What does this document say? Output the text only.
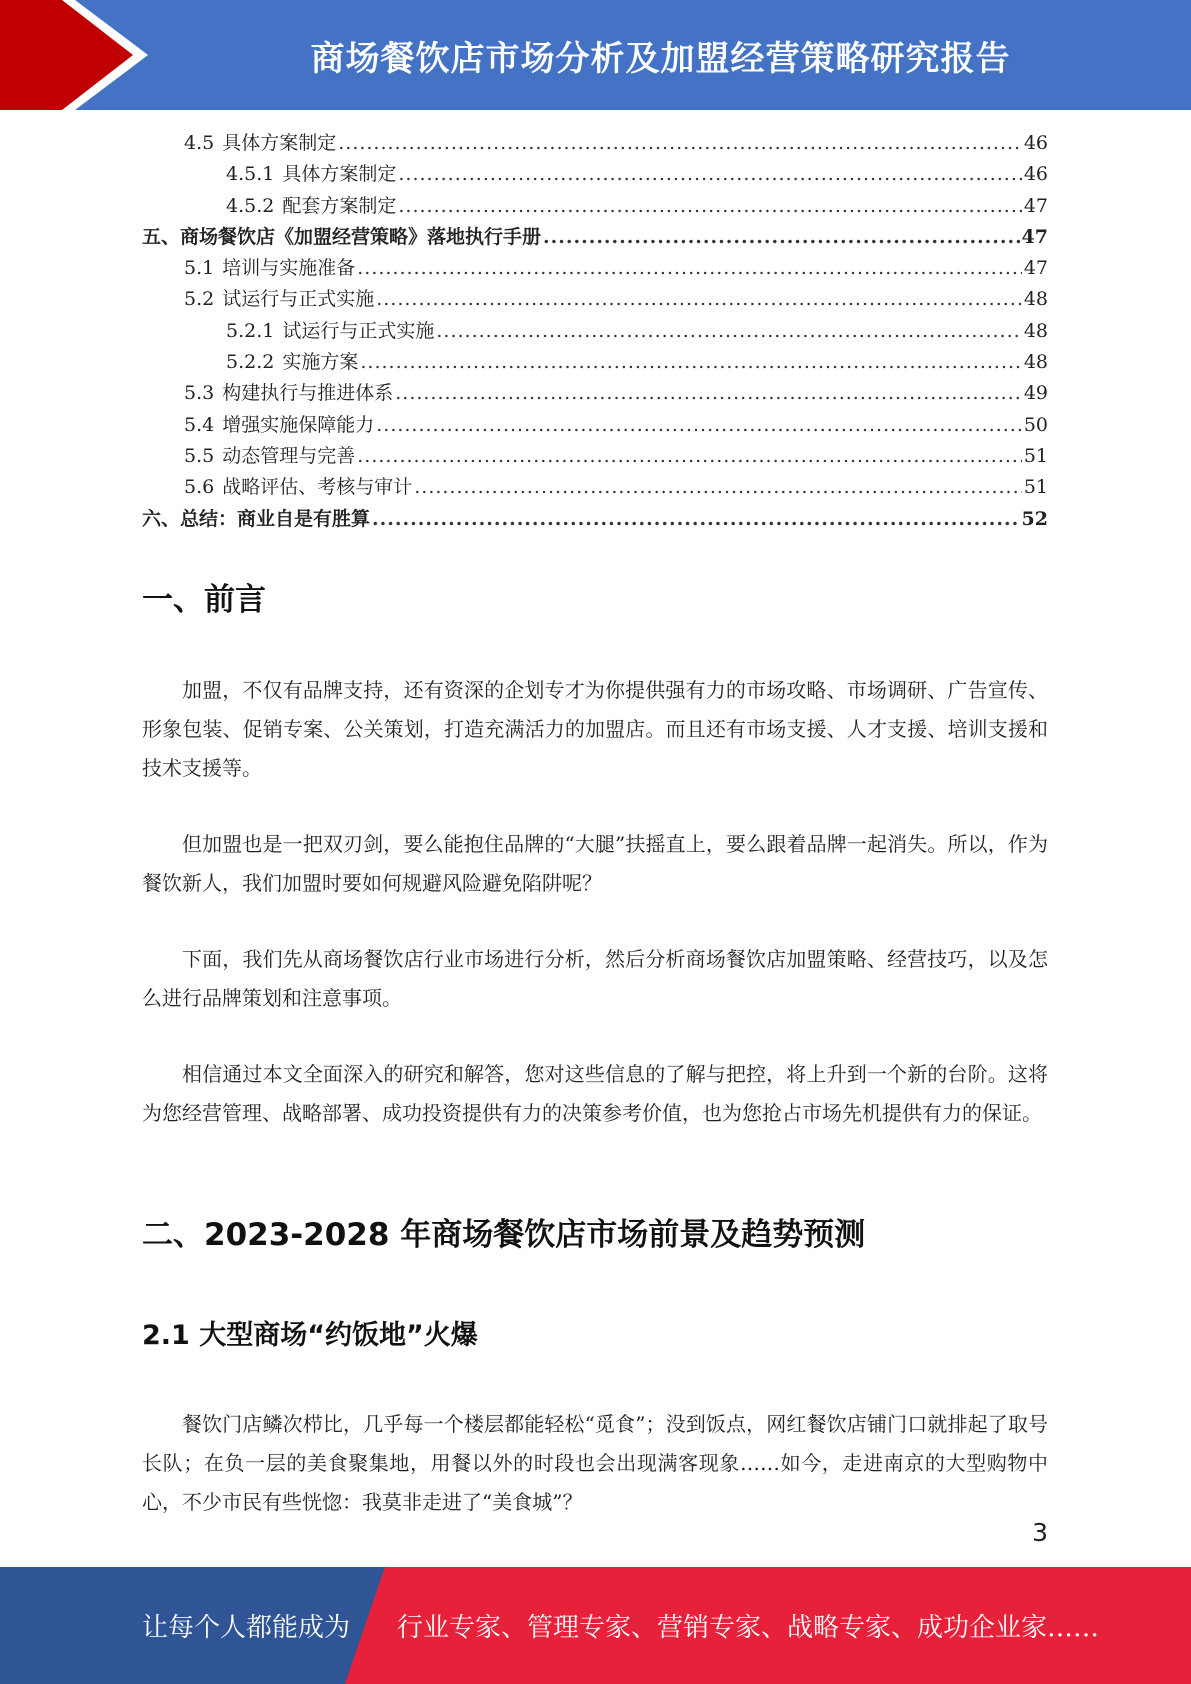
商场餐饮店市场分析及加盟经营策略研究报告
4.5 具体方案制定 .....	46
4.5.1 具体方案制定 .....	46
4.5.2 配套方案制定 .....	47
五、商场餐饮店《加盟经营策略》落地执行手册 .....	47
5.1 培训与实施准备 .....	47
5.2 试运行与正式实施 .....	48
5.2.1 试运行与正式实施 .....	48
5.2.2 实施方案 .....	48
5.3 构建执行与推进体系 .....	49
5.4 增强实施保障能力 .....	50
5.5 动态管理与完善 .....	51
5.6 战略评估、考核与审计 .....	51
六、总结：商业自是有胜算 .....	52
一、前言

加盟，不仅有品牌支持，还有资深的企划专才为你提供强有力的市场攻略、市场调研、广告宣传、形象包装、促销专案、公关策划，打造充满活力的加盟店。而且还有市场支援、人才支援、培训支援和技术支援等。

但加盟也是一把双刃剑，要么能抱住品牌的“大腿”扶摇直上，要么跟着品牌一起消失。所以，作为餐饮新人，我们加盟时要如何规避风险避免陷阱呢？

下面，我们先从商场餐饮店行业市场进行分析，然后分析商场餐饮店加盟策略、经营技巧，以及怎么进行品牌策划和注意事项。

相信通过本文全面深入的研究和解答，您对这些信息的了解与把控，将上升到一个新的台阶。这将为您经营管理、战略部署、成功投资提供有力的决策参考价值，也为您抢占市场先机提供有力的保证。

二、2023-2028 年商场餐饮店市场前景及趋势预测
2.1 大型商场“约饭地”火爆

餐饮门店鳞次栉比，几乎每一个楼层都能轻松“觅食”；没到饭点，网红餐饮店铺门口就排起了取号长队；在负一层的美食聚集地，用餐以外的时段也会出现满客现象……如今，走进南京的大型购物中心，不少市民有些恍惚：我莫非走进了“美食城”？

3
让每个人都能成为 行业专家、管理专家、营销专家、战略专家、成功企业家……
